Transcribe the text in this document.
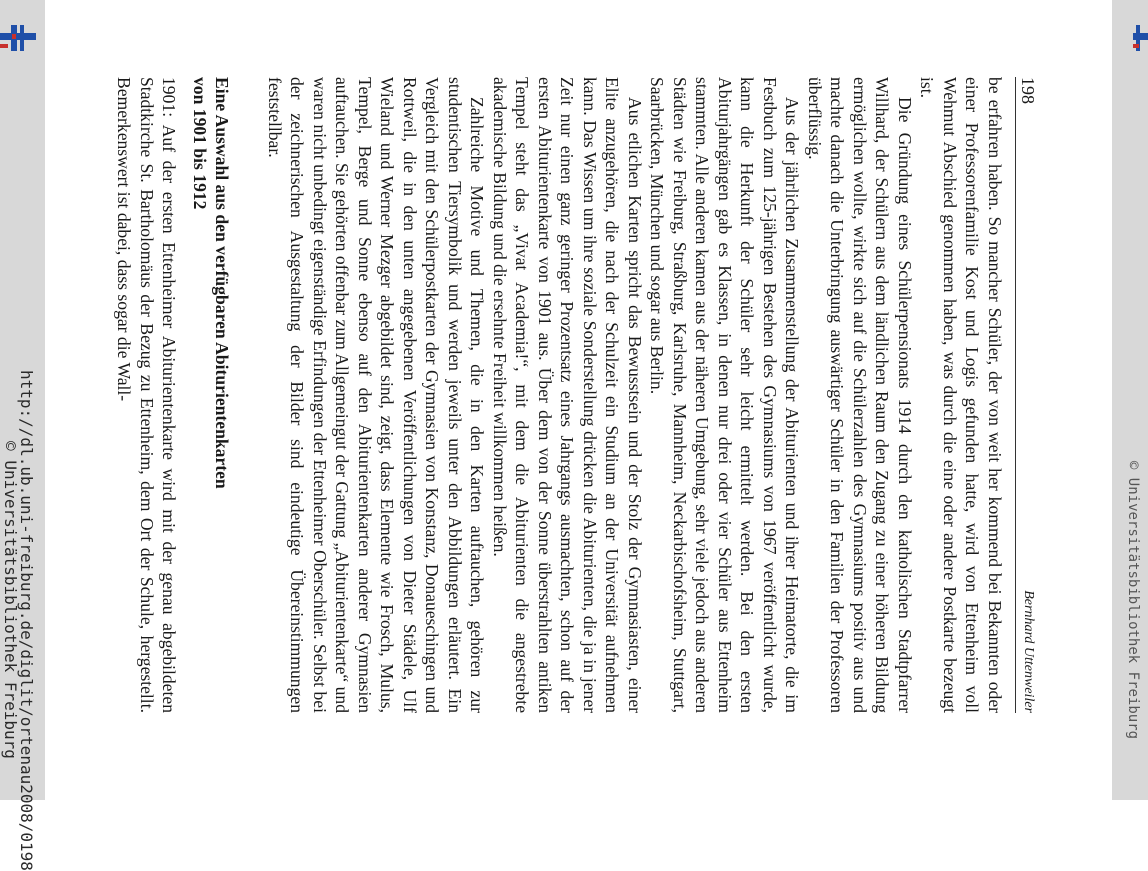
http://dl.ub.uni-freiburg.de/diglit/ortenau2008/0198
© Universitätsbibliothek Freiburg	© Universitätsbibliothek Freiburg
198
Bernhard Uttenweiler

be erfahren haben. So mancher Schüler, der von weit her kommend bei Bekannten oder einer Professorenfamilie Kost und Logis gefunden hatte, wird von Ettenheim voll Wehmut Abschied genommen haben, was durch die eine oder andere Postkarte bezeugt ist.

Die Gründung eines Schülerpensionats 1914 durch den katholischen Stadtpfarrer Willhard, der Schülern aus dem ländlichen Raum den Zugang zu einer höheren Bildung ermöglichen wollte, wirkte sich auf die Schülerzahlen des Gymnasiums positiv aus und machte danach die Unterbringung auswärtiger Schüler in den Familien der Professoren überflüssig.

Aus der jährlichen Zusammenstellung der Abiturienten und ihrer Heimatorte, die im Festbuch zum 125-jährigen Bestehen des Gymnasiums von 1967 veröffentlicht wurde, kann die Herkunft der Schüler sehr leicht ermittelt werden. Bei den ersten Abiturjahrgängen gab es Klassen, in denen nur drei oder vier Schüler aus Ettenheim stammten. Alle anderen kamen aus der näheren Umgebung, sehr viele jedoch aus anderen Städten wie Freiburg, Straßburg, Karlsruhe, Mannheim, Neckarbischofsheim, Stuttgart, Saarbrücken, München und sogar aus Berlin.

Aus etlichen Karten spricht das Bewusstsein und der Stolz der Gymnasiasten, einer Elite anzugehören, die nach der Schulzeit ein Studium an der Universität aufnehmen kann. Das Wissen um ihre soziale Sonderstellung drücken die Abiturienten, die ja in jener Zeit nur einen ganz geringer Prozentsatz eines Jahrgangs ausmachten, schon auf der ersten Abiturientenkarte von 1901 aus. Über dem von der Sonne überstrahlten antiken Tempel steht das „Vivat Academia!“, mit dem die Abiturienten die angestrebte akademische Bildung und die ersehnte Freiheit willkommen heißen.

Zahlreiche Motive und Themen, die in den Karten auftauchen, gehören zur studentischen Tiersymbolik und werden jeweils unter den Abbildungen erläutert. Ein Vergleich mit den Schülerpostkarten der Gymnasien von Konstanz, Donaueschingen und Rottweil, die in den unten angegebenen Veröffentlichungen von Dieter Städele, Ulf Wieland und Werner Mezger abgebildet sind, zeigt, dass Elemente wie Frosch, Mulus, Tempel, Berge und Sonne ebenso auf den Abiturientenkarten anderer Gymnasien auftauchen. Sie gehörten offenbar zum Allgemeingut der Gattung „Abiturientenkarte“ und waren nicht unbedingt eigenständige Erfindungen der Ettenheimer Oberschüler. Selbst bei der zeichnerischen Ausgestaltung der Bilder sind eindeutige Übereinstimmungen feststellbar.

Eine Auswahl aus den verfügbaren Abiturientenkarten
von 1901 bis 1912

1901: Auf der ersten Ettenheimer Abiturientenkarte wird mit der genau abgebildeten Stadtkirche St. Bartholomäus der Bezug zu Ettenheim, dem Ort der Schule, hergestellt. Bemerkenswert ist dabei, dass sogar die Wall-
